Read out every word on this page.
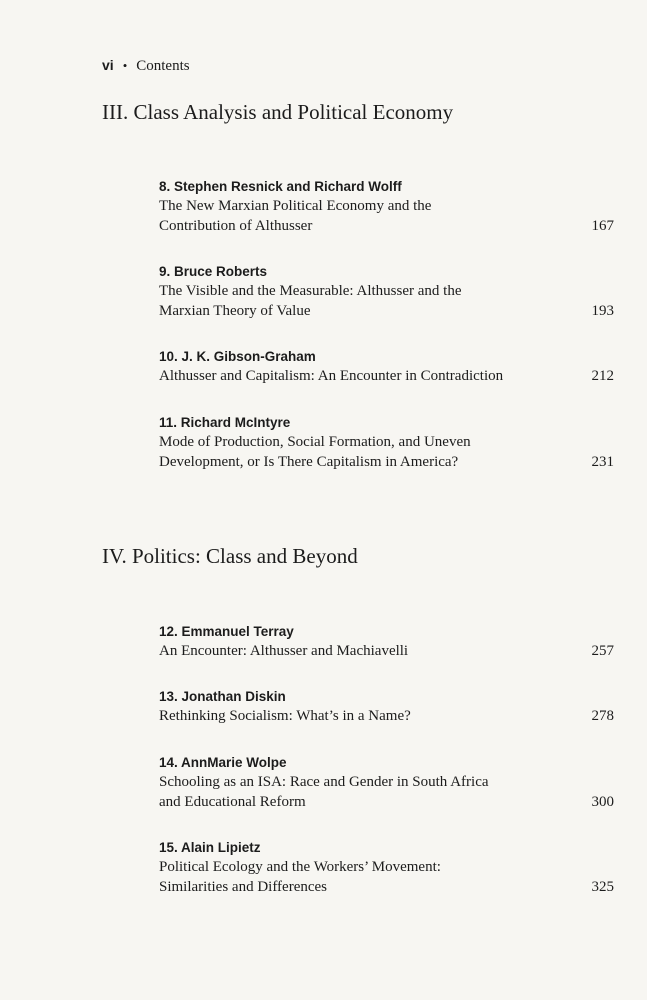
vi • Contents
III. Class Analysis and Political Economy
8. Stephen Resnick and Richard Wolff
The New Marxian Political Economy and the
Contribution of Althusser	167
9. Bruce Roberts
The Visible and the Measurable: Althusser and the
Marxian Theory of Value	193
10. J. K. Gibson-Graham
Althusser and Capitalism: An Encounter in Contradiction	212
11. Richard McIntyre
Mode of Production, Social Formation, and Uneven
Development, or Is There Capitalism in America?	231
IV. Politics: Class and Beyond
12. Emmanuel Terray
An Encounter: Althusser and Machiavelli	257
13. Jonathan Diskin
Rethinking Socialism: What’s in a Name?	278
14. AnnMarie Wolpe
Schooling as an ISA: Race and Gender in South Africa
and Educational Reform	300
15. Alain Lipietz
Political Ecology and the Workers’ Movement:
Similarities and Differences	325
